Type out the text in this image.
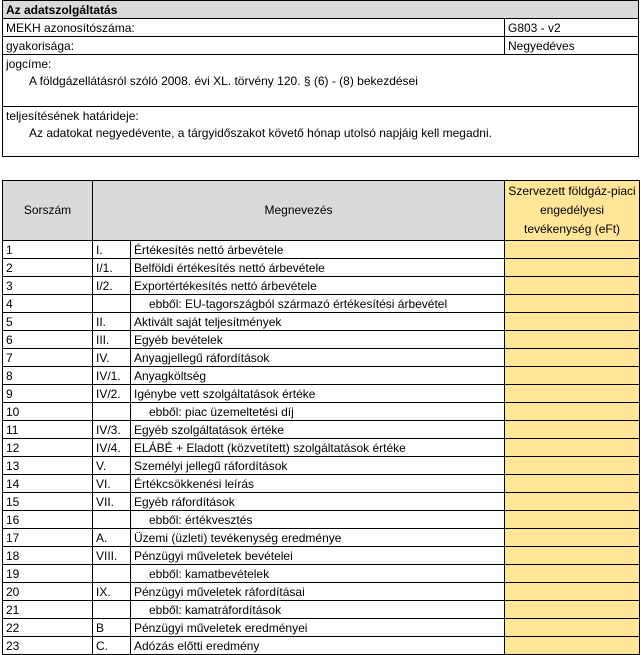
Az adatszolgáltatás	
MEKH azonosítószáma:	G803 - v2
gyakorisága:	Negyedéves
jogcíme:	
A földgázellátásról szóló 2008. évi XL. törvény 120. § (6) - (8) bekezdései	
teljesítésének határideje:	
Az adatokat negyedévente, a tárgyidőszakot követő hónap utolsó napjáig kell megadni.	
Sorszám	Megnevezés		Szervezett földgáz-piaci engedélyesi tevékenység (eFt)
1	I.	Értékesítés nettó árbevétele	
2	I/1.	Belföldi értékesítés nettó árbevétele	
3	I/2.	Exportértékesítés nettó árbevétele	
4		ebből: EU-tagországból származó értékesítési árbevétel	
5	II.	Aktivált saját teljesítmények	
6	III.	Egyéb bevételek	
7	IV.	Anyagjellegű ráfordítások	
8	IV/1.	Anyagköltség	
9	IV/2.	Igénybe vett szolgáltatások értéke	
10		ebből: piac üzemeltetési díj	
11	IV/3.	Egyéb szolgáltatások értéke	
12	IV/4.	ELÁBÉ + Eladott (közvetített) szolgáltatások értéke	
13	V.	Személyi jellegű ráfordítások	
14	VI.	Értékcsökkenési leírás	
15	VII.	Egyéb ráfordítások	
16		ebből: értékvesztés	
17	A.	Üzemi (üzleti) tevékenység eredménye	
18	VIII.	Pénzügyi műveletek bevételei	
19		ebből: kamatbevételek	
20	IX.	Pénzügyi műveletek ráfordításai	
21		ebből: kamatráfordítások	
22	B	Pénzügyi műveletek eredményei	
23	C.	Adózás előtti eredmény	
